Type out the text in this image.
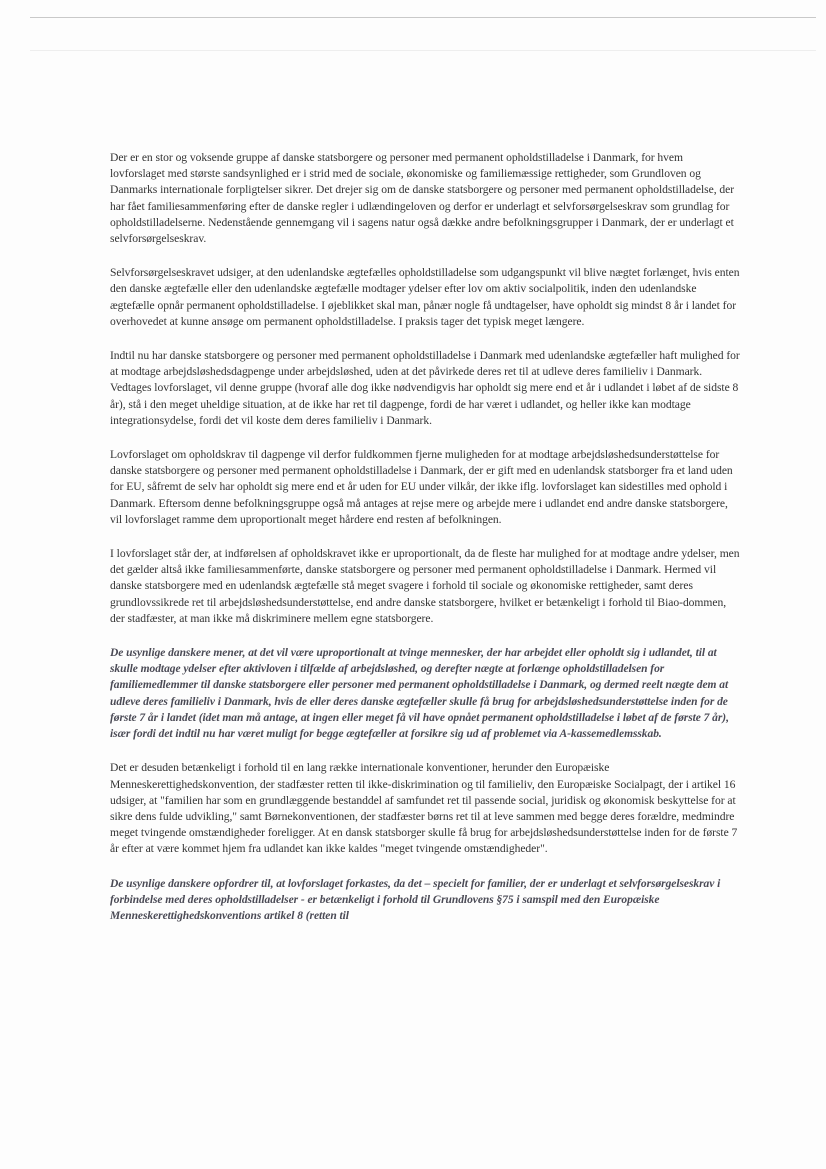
Der er en stor og voksende gruppe af danske statsborgere og personer med permanent opholdstilladelse i Danmark, for hvem lovforslaget med største sandsynlighed er i strid med de sociale, økonomiske og familiemæssige rettigheder, som Grundloven og Danmarks internationale forpligtelser sikrer. Det drejer sig om de danske statsborgere og personer med permanent opholdstilladelse, der har fået familiesammenføring efter de danske regler i udlændingeloven og derfor er underlagt et selvforsørgelseskrav som grundlag for opholdstilladelserne. Nedenstående gennemgang vil i sagens natur også dække andre befolkningsgrupper i Danmark, der er underlagt et selvforsørgelseskrav.

Selvforsørgelseskravet udsiger, at den udenlandske ægtefælles opholdstilladelse som udgangspunkt vil blive nægtet forlænget, hvis enten den danske ægtefælle eller den udenlandske ægtefælle modtager ydelser efter lov om aktiv socialpolitik, inden den udenlandske ægtefælle opnår permanent opholdstilladelse. I øjeblikket skal man, pånær nogle få undtagelser, have opholdt sig mindst 8 år i landet for overhovedet at kunne ansøge om permanent opholdstilladelse. I praksis tager det typisk meget længere.

Indtil nu har danske statsborgere og personer med permanent opholdstilladelse i Danmark med udenlandske ægtefæller haft mulighed for at modtage arbejdsløshedsdagpenge under arbejdsløshed, uden at det påvirkede deres ret til at udleve deres familieliv i Danmark. Vedtages lovforslaget, vil denne gruppe (hvoraf alle dog ikke nødvendigvis har opholdt sig mere end et år i udlandet i løbet af de sidste 8 år), stå i den meget uheldige situation, at de ikke har ret til dagpenge, fordi de har været i udlandet, og heller ikke kan modtage integrationsydelse, fordi det vil koste dem deres familieliv i Danmark.

Lovforslaget om opholdskrav til dagpenge vil derfor fuldkommen fjerne muligheden for at modtage arbejdsløshedsunderstøttelse for danske statsborgere og personer med permanent opholdstilladelse i Danmark, der er gift med en udenlandsk statsborger fra et land uden for EU, såfremt de selv har opholdt sig mere end et år uden for EU under vilkår, der ikke iflg. lovforslaget kan sidestilles med ophold i Danmark. Eftersom denne befolkningsgruppe også må antages at rejse mere og arbejde mere i udlandet end andre danske statsborgere, vil lovforslaget ramme dem uproportionalt meget hårdere end resten af befolkningen.

I lovforslaget står der, at indførelsen af opholdskravet ikke er uproportionalt, da de fleste har mulighed for at modtage andre ydelser, men det gælder altså ikke familiesammenførte, danske statsborgere og personer med permanent opholdstilladelse i Danmark. Hermed vil danske statsborgere med en udenlandsk ægtefælle stå meget svagere i forhold til sociale og økonomiske rettigheder, samt deres grundlovssikrede ret til arbejdsløshedsunderstøttelse, end andre danske statsborgere, hvilket er betænkeligt i forhold til Biao-dommen, der stadfæster, at man ikke må diskriminere mellem egne statsborgere.

De usynlige danskere mener, at det vil være uproportionalt at tvinge mennesker, der har arbejdet eller opholdt sig i udlandet, til at skulle modtage ydelser efter aktivloven i tilfælde af arbejdsløshed, og derefter nægte at forlænge opholdstilladelsen for familiemedlemmer til danske statsborgere eller personer med permanent opholdstilladelse i Danmark, og dermed reelt nægte dem at udleve deres familieliv i Danmark, hvis de eller deres danske ægtefæller skulle få brug for arbejdsløshedsunderstøttelse inden for de første 7 år i landet (idet man må antage, at ingen eller meget få vil have opnået permanent opholdstilladelse i løbet af de første 7 år), især fordi det indtil nu har været muligt for begge ægtefæller at forsikre sig ud af problemet via A-kassemedlemsskab.

Det er desuden betænkeligt i forhold til en lang række internationale konventioner, herunder den Europæiske Menneskerettighedskonvention, der stadfæster retten til ikke-diskrimination og til familieliv, den Europæiske Socialpagt, der i artikel 16 udsiger, at "familien har som en grundlæggende bestanddel af samfundet ret til passende social, juridisk og økonomisk beskyttelse for at sikre dens fulde udvikling," samt Børnekonventionen, der stadfæster børns ret til at leve sammen med begge deres forældre, medmindre meget tvingende omstændigheder foreligger. At en dansk statsborger skulle få brug for arbejdsløshedsunderstøttelse inden for de første 7 år efter at være kommet hjem fra udlandet kan ikke kaldes "meget tvingende omstændigheder".

De usynlige danskere opfordrer til, at lovforslaget forkastes, da det – specielt for familier, der er underlagt et selvforsørgelseskrav i forbindelse med deres opholdstilladelser - er betænkeligt i forhold til Grundlovens §75 i samspil med den Europæiske Menneskerettighedskonventions artikel 8 (retten til
